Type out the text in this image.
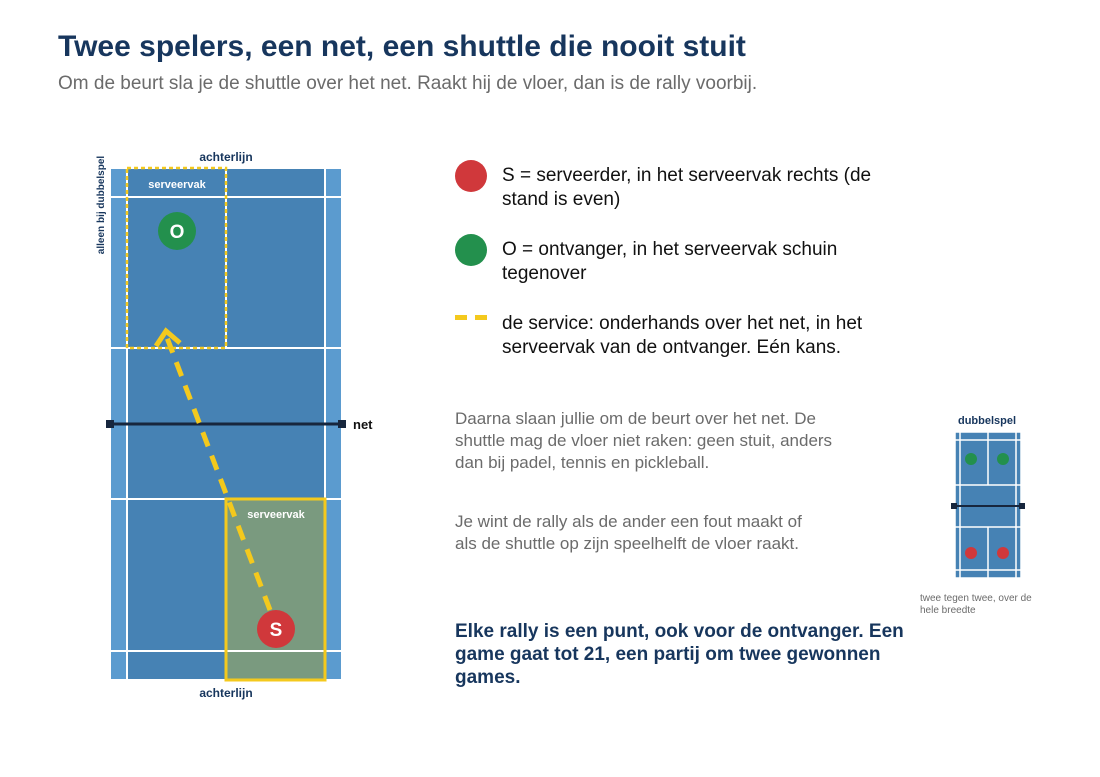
Twee spelers, een net, een shuttle die nooit stuit

Om de beurt sla je de shuttle over het net. Raakt hij de vloer, dan is de rally voorbij.

O
S
serveervak
serveervak
achterlijn
achterlijn
alleen bij dubbelspel
net
S = serveerder, in het serveervak rechts (de stand is even)
O = ontvanger, in het serveervak schuin tegenover
de service: onderhands over het net, in het serveervak van de ontvanger. Eén kans.

Daarna slaan jullie om de beurt over het net. De shuttle mag de vloer niet raken: geen stuit, anders dan bij padel, tennis en pickleball.

Je wint de rally als de ander een fout maakt of als de shuttle op zijn speelhelft de vloer raakt.

Elke rally is een punt, ook voor de ontvanger. Een game gaat tot 21, een partij om twee gewonnen games.

dubbelspel

twee tegen twee, over de hele breedte
